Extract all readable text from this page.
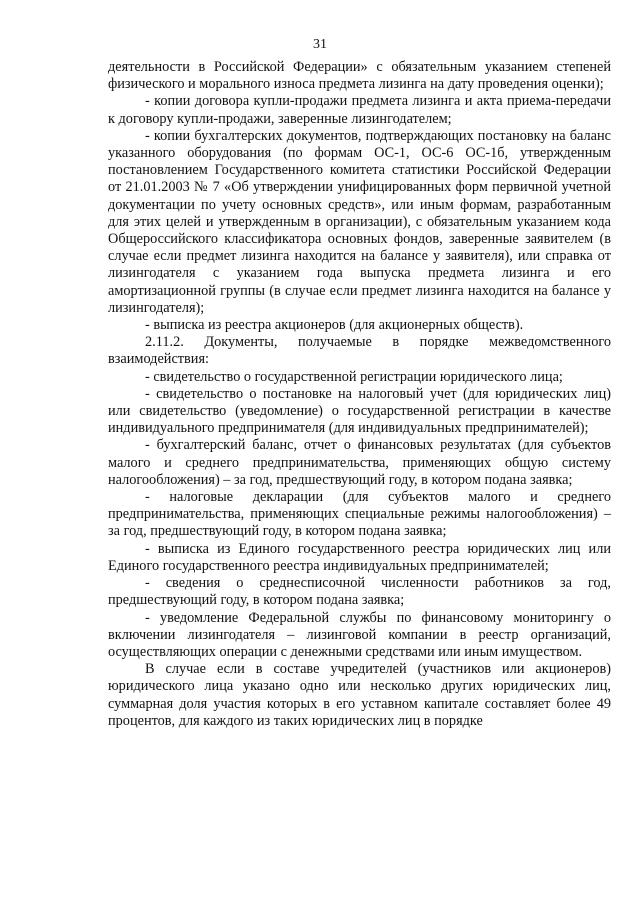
31

деятельности в Российской Федерации» с обязательным указанием степеней физического и морального износа предмета лизинга на дату проведения оценки);

- копии договора купли-продажи предмета лизинга и акта приема-передачи к договору купли-продажи, заверенные лизингодателем;

- копии бухгалтерских документов, подтверждающих постановку на баланс указанного оборудования (по формам ОС-1, ОС-6 ОС-1б, утвержденным постановлением Государственного комитета статистики Российской Федерации от 21.01.2003 № 7 «Об утверждении унифицированных форм первичной учетной документации по учету основных средств», или иным формам, разработанным для этих целей и утвержденным в организации), с обязательным указанием кода Общероссийского классификатора основных фондов, заверенные заявителем (в случае если предмет лизинга находится на балансе у заявителя), или справка от лизингодателя с указанием года выпуска предмета лизинга и его амортизационной группы (в случае если предмет лизинга находится на балансе у лизингодателя);

- выписка из реестра акционеров (для акционерных обществ).

2.11.2. Документы, получаемые в порядке межведомственного взаимодействия:

- свидетельство о государственной регистрации юридического лица;

- свидетельство о постановке на налоговый учет (для юридических лиц) или свидетельство (уведомление) о государственной регистрации в качестве индивидуального предпринимателя (для индивидуальных предпринимателей);

- бухгалтерский баланс, отчет о финансовых результатах (для субъектов малого и среднего предпринимательства, применяющих общую систему налогообложения) – за год, предшествующий году, в котором подана заявка;

- налоговые декларации (для субъектов малого и среднего предпринимательства, применяющих специальные режимы налогообложения) – за год, предшествующий году, в котором подана заявка;

- выписка из Единого государственного реестра юридических лиц или Единого государственного реестра индивидуальных предпринимателей;

- сведения о среднесписочной численности работников за год, предшествующий году, в котором подана заявка;

- уведомление Федеральной службы по финансовому мониторингу о включении лизингодателя – лизинговой компании в реестр организаций, осуществляющих операции с денежными средствами или иным имуществом.

В случае если в составе учредителей (участников или акционеров) юридического лица указано одно или несколько других юридических лиц, суммарная доля участия которых в его уставном капитале составляет более 49 процентов, для каждого из таких юридических лиц в порядке
